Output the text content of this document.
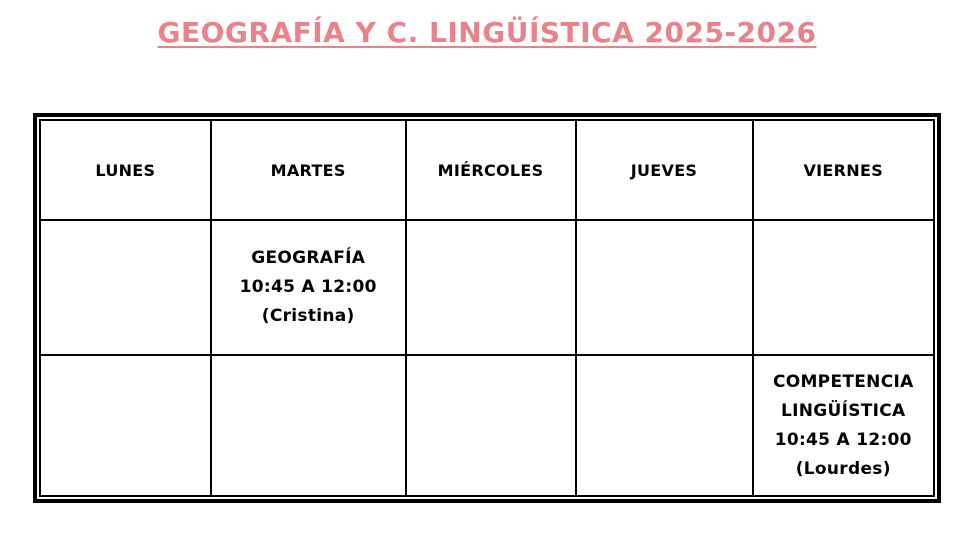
GEOGRAFÍA Y C. LINGÜÍSTICA 2025-2026
LUNES	MARTES	MIÉRCOLES	JUEVES	VIERNES

	GEOGRAFÍA
10:45 A 12:00
(Cristina)			

				COMPETENCIA
LINGÜÍSTICA
10:45 A 12:00
(Lourdes)
